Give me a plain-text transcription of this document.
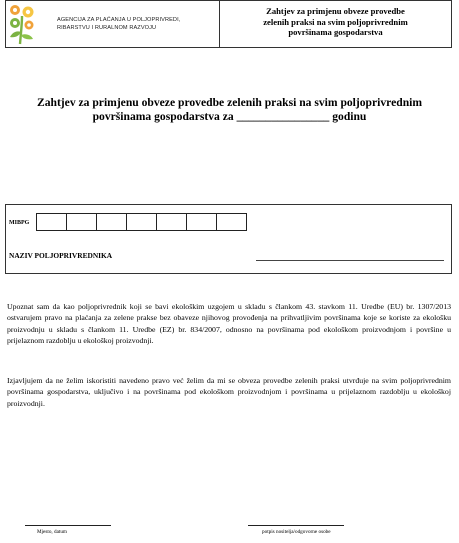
AGENCIJA ZA PLAĆANJA U POLJOPRIVREDI,
RIBARSTVU I RURALNOM RAZVOJU
Zahtjev za primjenu obveze provedbe
zelenih praksi na svim poljoprivrednim
površinama gospodarstva
Zahtjev za primjenu obveze provedbe zelenih praksi na svim poljoprivrednim
površinama gospodarstva za ________________ godinu
MIBPG
NAZIV POLJOPRIVREDNIKA
Upoznat sam da kao poljoprivrednik koji se bavi ekološkim uzgojem u skladu s člankom 43. stavkom 11. Uredbe (EU) br. 1307/2013 ostvarujem pravo na plaćanja za zelene prakse bez obaveze njihovog provođenja na prihvatljivim površinama koje se koriste za ekološku proizvodnju u skladu s člankom 11. Uredbe (EZ) br. 834/2007, odnosno na površinama pod ekološkom proizvodnjom i površine u prijelaznom razdoblju u ekološkoj proizvodnji.
Izjavljujem da ne želim iskoristiti navedeno pravo već želim da mi se obveza provedbe zelenih praksi utvrđuje na svim poljoprivrednim površinama gospodarstva, uključivo i na površinama pod ekološkom proizvodnjom i površinama u prijelaznom razdoblju u ekološkoj proizvodnji.
Mjesto, datum	potpis nositelja/odgovorne osobe
